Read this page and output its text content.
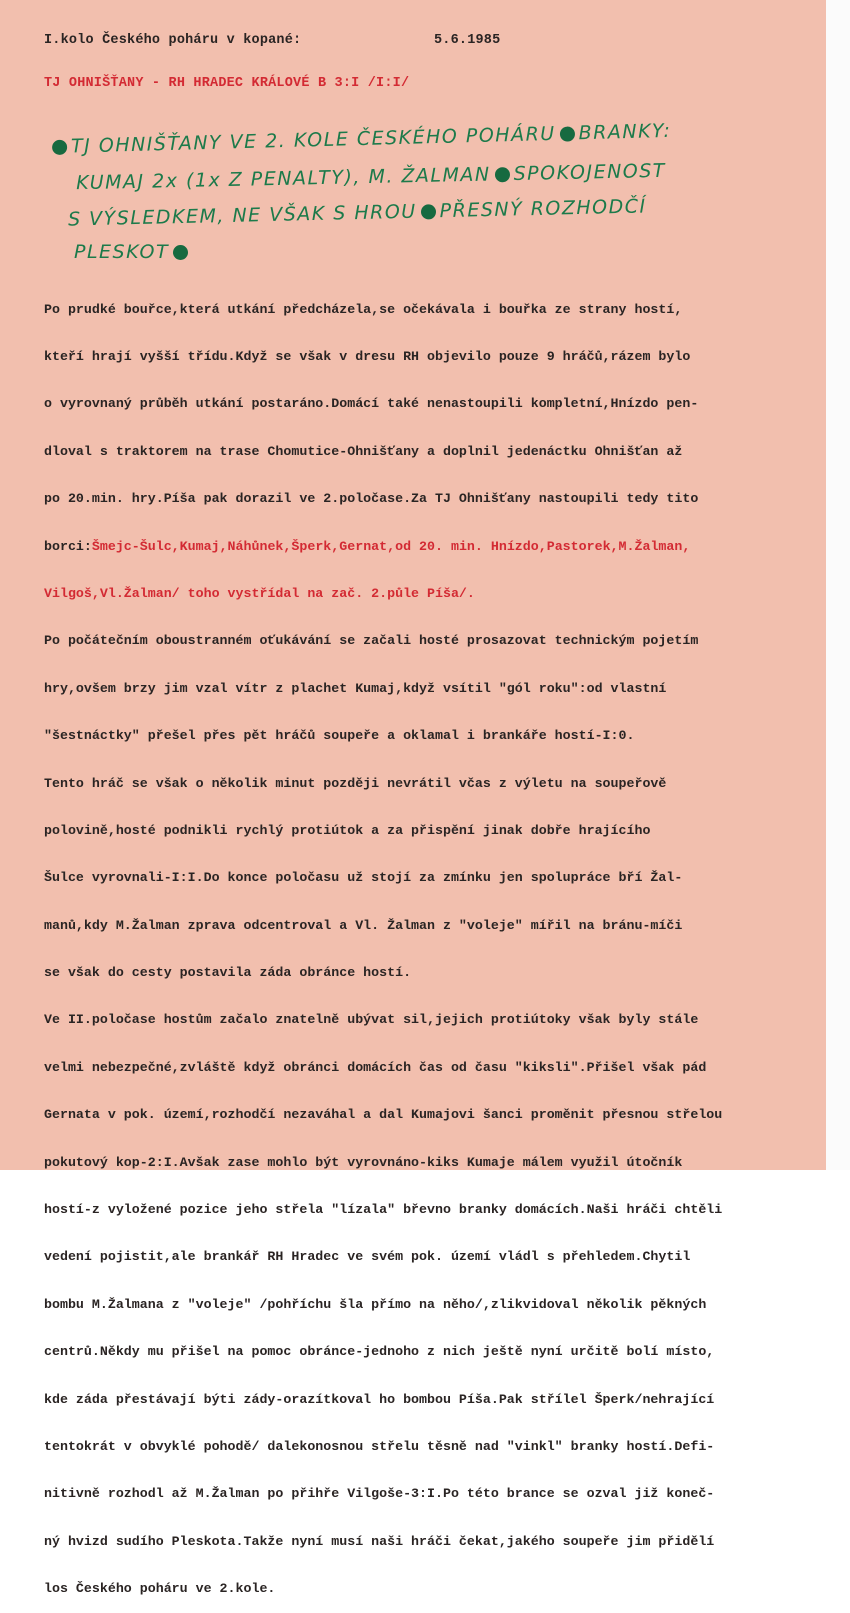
I.kolo Českého poháru v kopané:	5.6.1985
TJ OHNIŠŤANY - RH HRADEC KRÁLOVÉ B 3:I /I:I/
TJ OHNIŠŤANY VE 2. KOLE ČESKÉHO POHÁRU BRANKY:
KUMAJ 2x (1x Z PENALTY), M. ŽALMAN SPOKOJENOST
S VÝSLEDKEM, NE VŠAK S HROU PŘESNÝ ROZHODČÍ
PLESKOT

Po prudké bouřce,která utkání předcházela,se očekávala i bouřka ze strany hostí,

kteří hrají vyšší třídu.Když se však v dresu RH objevilo pouze 9 hráčů,rázem bylo

o vyrovnaný průběh utkání postaráno.Domácí také nenastoupili kompletní,Hnízdo pen-

dloval s traktorem na trase Chomutice-Ohnišťany a doplnil jedenáctku Ohnišťan až

po 20.min. hry.Píša pak dorazil ve 2.poločase.Za TJ Ohnišťany nastoupili tedy tito

borci:Šmejc-Šulc,Kumaj,Náhůnek,Šperk,Gernat,od 20. min. Hnízdo,Pastorek,M.Žalman,

Vilgoš,Vl.Žalman/ toho vystřídal na zač. 2.půle Píša/.

Po počátečním oboustranném oťukávání se začali hosté prosazovat technickým pojetím

hry,ovšem brzy jim vzal vítr z plachet Kumaj,když vsítil "gól roku":od vlastní

"šestnáctky" přešel přes pět hráčů soupeře a oklamal i brankáře hostí-I:0.

Tento hráč se však o několik minut později nevrátil včas z výletu na soupeřově

polovině,hosté podnikli rychlý protiútok a za přispění jinak dobře hrajícího

Šulce vyrovnali-I:I.Do konce poločasu už stojí za zmínku jen spolupráce bří Žal-

manů,kdy M.Žalman zprava odcentroval a Vl. Žalman z "voleje" mířil na bránu-míči

se však do cesty postavila záda obránce hostí.

Ve II.poločase hostům začalo znatelně ubývat sil,jejich protiútoky však byly stále

velmi nebezpečné,zvláště když obránci domácích čas od času "kiksli".Přišel však pád

Gernata v pok. území,rozhodčí nezaváhal a dal Kumajovi šanci proměnit přesnou střelou

pokutový kop-2:I.Avšak zase mohlo být vyrovnáno-kiks Kumaje málem využil útočník

hostí-z vyložené pozice jeho střela "lízala" břevno branky domácích.Naši hráči chtěli

vedení pojistit,ale brankář RH Hradec ve svém pok. území vládl s přehledem.Chytil

bombu M.Žalmana z "voleje" /pohříchu šla přímo na něho/,zlikvidoval několik pěkných

centrů.Někdy mu přišel na pomoc obránce-jednoho z nich ještě nyní určitě bolí místo,

kde záda přestávají býti zády-orazítkoval ho bombou Píša.Pak střílel Šperk/nehrající

tentokrát v obvyklé pohodě/ dalekonosnou střelu těsně nad "vinkl" branky hostí.Defi-

nitivně rozhodl až M.Žalman po přihře Vilgoše-3:I.Po této brance se ozval již koneč-

ný hvizd sudího Pleskota.Takže nyní musí naši hráči čekat,jakého soupeře jim přidělí

los Českého poháru ve 2.kole.
